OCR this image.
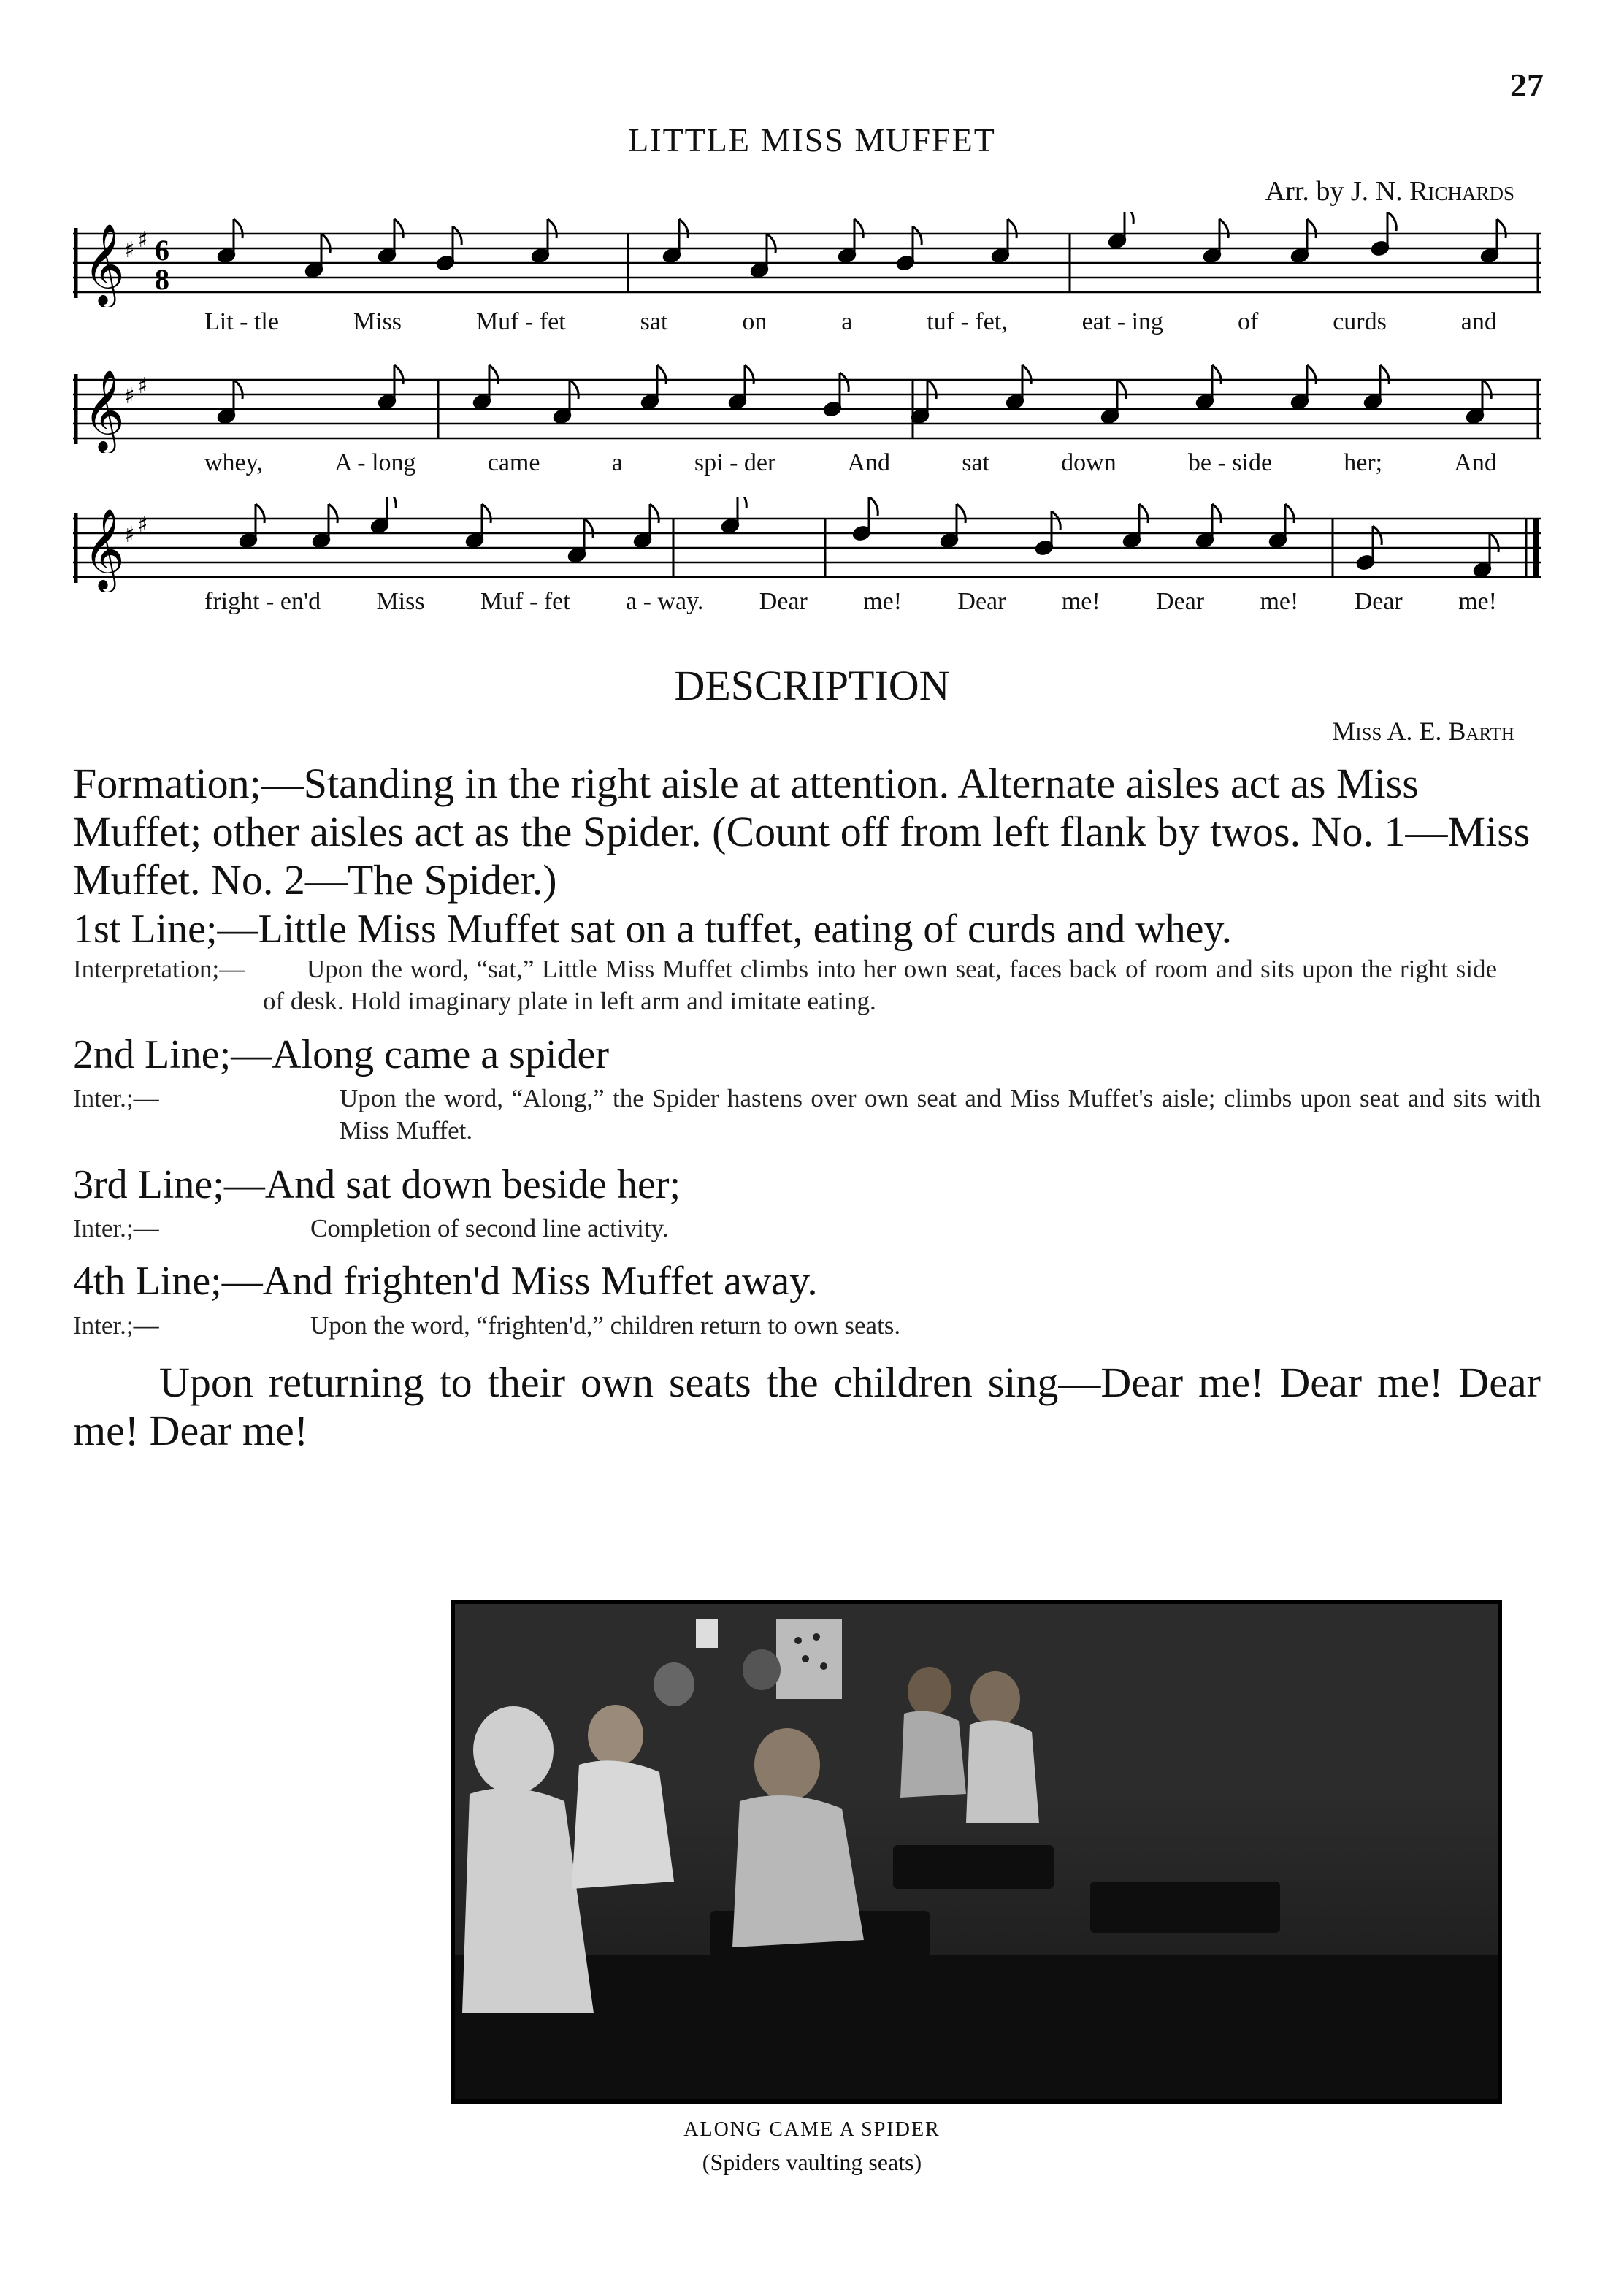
27
LITTLE MISS MUFFET
Arr. by J. N. Richards
𝄞 ♯ ♯ 6
8
Lit - tle	Miss	Muf - fet	sat	on	a	tuf - fet,	eat - ing	of	curds	and
𝄞 ♯ ♯
whey,	A - long	came	a	spi - der	And	sat	down	be - side	her;	And
𝄞 ♯ ♯
fright - en'd Miss Muf - fet a - way. Dear me! Dear me! Dear me! Dear me!
DESCRIPTION
Miss A. E. Barth
Formation;—Standing in the right aisle at attention. Alternate aisles act as Miss Muffet; other aisles act as the Spider. (Count off from left flank by twos. No. 1—Miss Muffet. No. 2—The Spider.)
1st Line;—Little Miss Muffet sat on a tuffet, eating of curds and whey.
Interpretation;—	Upon the word, “sat,” Little Miss Muffet climbs into her own seat, faces back of room and sits upon the right side of desk. Hold imaginary plate in left arm and imitate eating.
2nd Line;—Along came a spider
Inter.;—	Upon the word, “Along,” the Spider hastens over own seat and Miss Muffet's aisle; climbs upon seat and sits with Miss Muffet.
3rd Line;—And sat down beside her;
Inter.;—	Completion of second line activity.
4th Line;—And frighten'd Miss Muffet away.
Inter.;—	Upon the word, “frighten'd,” children return to own seats.
Upon returning to their own seats the children sing—Dear me! Dear me! Dear me! Dear me!
ALONG CAME A SPIDER
(Spiders vaulting seats)
